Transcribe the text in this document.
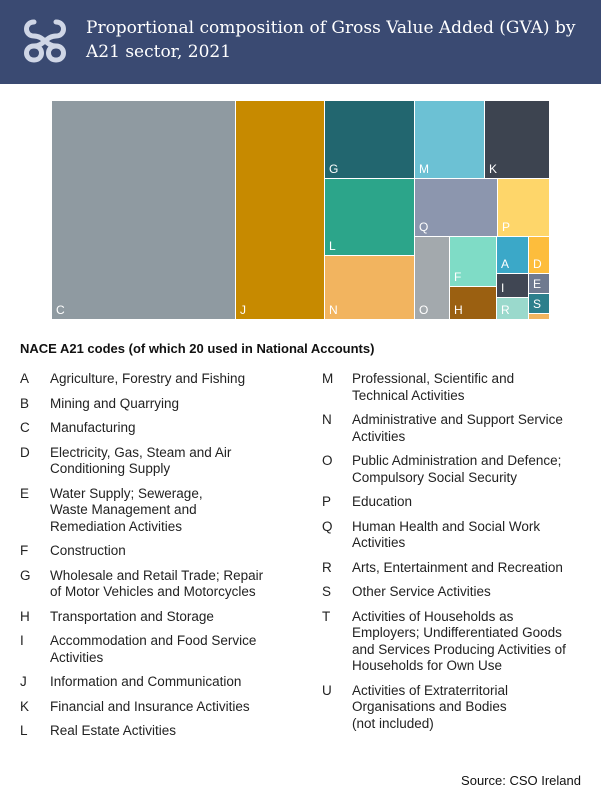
Proportional composition of Gross Value Added (GVA) by A21 sector, 2021
C	J
G	M	K
L
N
Q	P
O
F
H
A D
I E
R S
NACE A21 codes (of which 20 used in National Accounts)
A	Agriculture, Forestry and Fishing
B	Mining and Quarrying
C	Manufacturing
D	Electricity, Gas, Steam and Air
Conditioning Supply
E	Water Supply; Sewerage,
Waste Management and
Remediation Activities
F	Construction
G	Wholesale and Retail Trade; Repair
of Motor Vehicles and Motorcycles
H	Transportation and Storage
I	Accommodation and Food Service
Activities
J	Information and Communication
K	Financial and Insurance Activities
L	Real Estate Activities
M	Professional, Scientific and
Technical Activities
N	Administrative and Support Service
Activities
O	Public Administration and Defence;
Compulsory Social Security
P	Education
Q	Human Health and Social Work
Activities
R	Arts, Entertainment and Recreation
S	Other Service Activities
T	Activities of Households as
Employers; Undifferentiated Goods
and Services Producing Activities of
Households for Own Use
U	Activities of Extraterritorial
Organisations and Bodies
(not included)
Source: CSO Ireland
